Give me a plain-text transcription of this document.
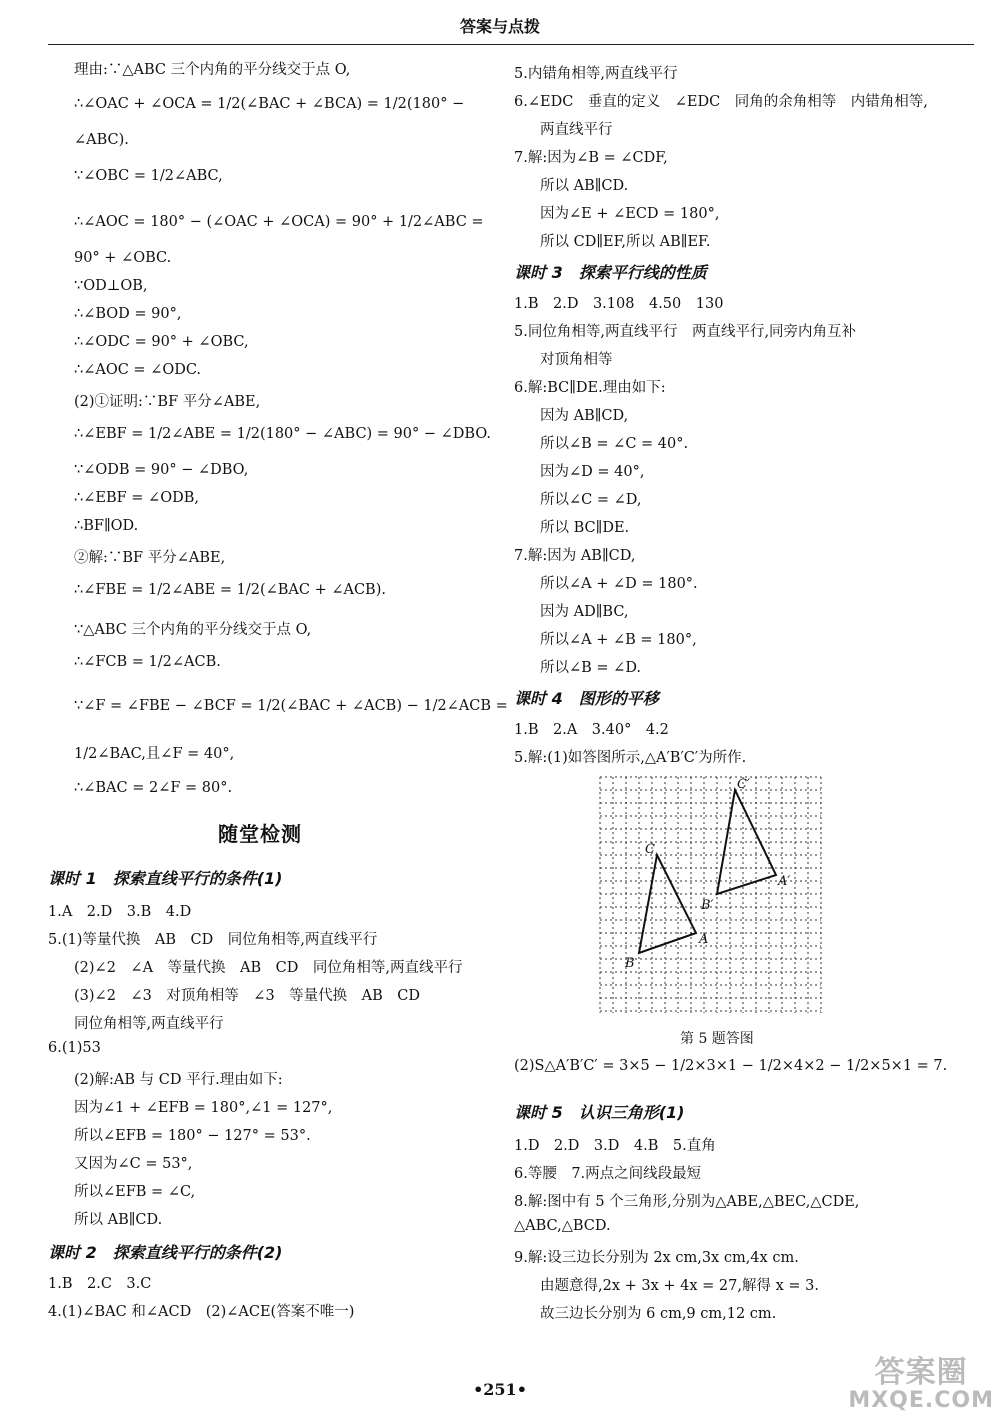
答案与点拨
理由:∵△ABC 三个内角的平分线交于点 O,
∴∠OAC + ∠OCA = 1/2(∠BAC + ∠BCA) = 1/2(180° −
∠ABC).
∵∠OBC = 1/2∠ABC,
∴∠AOC = 180° − (∠OAC + ∠OCA) = 90° + 1/2∠ABC =
90° + ∠OBC.
∵OD⊥OB,
∴∠BOD = 90°,
∴∠ODC = 90° + ∠OBC,
∴∠AOC = ∠ODC.
(2)①证明:∵BF 平分∠ABE,
∴∠EBF = 1/2∠ABE = 1/2(180° − ∠ABC) = 90° − ∠DBO.
∵∠ODB = 90° − ∠DBO,
∴∠EBF = ∠ODB,
∴BF∥OD.
②解:∵BF 平分∠ABE,
∴∠FBE = 1/2∠ABE = 1/2(∠BAC + ∠ACB).
∵△ABC 三个内角的平分线交于点 O,
∴∠FCB = 1/2∠ACB.
∵∠F = ∠FBE − ∠BCF = 1/2(∠BAC + ∠ACB) − 1/2∠ACB =
1/2∠BAC,且∠F = 40°,
∴∠BAC = 2∠F = 80°.
随堂检测
课时 1　探索直线平行的条件(1)
1.A　2.D　3.B　4.D
5.(1)等量代换　AB　CD　同位角相等,两直线平行
(2)∠2　∠A　等量代换　AB　CD　同位角相等,两直线平行
(3)∠2　∠3　对顶角相等　∠3　等量代换　AB　CD
同位角相等,两直线平行
6.(1)53
(2)解:AB 与 CD 平行.理由如下:
因为∠1 + ∠EFB = 180°,∠1 = 127°,
所以∠EFB = 180° − 127° = 53°.
又因为∠C = 53°,
所以∠EFB = ∠C,
所以 AB∥CD.
课时 2　探索直线平行的条件(2)
1.B　2.C　3.C
4.(1)∠BAC 和∠ACD　(2)∠ACE(答案不唯一)
5.内错角相等,两直线平行
6.∠EDC　垂直的定义　∠EDC　同角的余角相等　内错角相等,
两直线平行
7.解:因为∠B = ∠CDF,
所以 AB∥CD.
因为∠E + ∠ECD = 180°,
所以 CD∥EF,所以 AB∥EF.
课时 3　探索平行线的性质
1.B　2.D　3.108　4.50　130
5.同位角相等,两直线平行　两直线平行,同旁内角互补
对顶角相等
6.解:BC∥DE.理由如下:
因为 AB∥CD,
所以∠B = ∠C = 40°.
因为∠D = 40°,
所以∠C = ∠D,
所以 BC∥DE.
7.解:因为 AB∥CD,
所以∠A + ∠D = 180°.
因为 AD∥BC,
所以∠A + ∠B = 180°,
所以∠B = ∠D.
课时 4　图形的平移
1.B　2.A　3.40°　4.2
5.解:(1)如答图所示,△A′B′C′为所作.
(2)S△A′B′C′ = 3×5 − 1/2×3×1 − 1/2×4×2 − 1/2×5×1 = 7.
课时 5　认识三角形(1)
1.D　2.D　3.D　4.B　5.直角
6.等腰　7.两点之间线段最短
8.解:图中有 5 个三角形,分别为△ABE,△BEC,△CDE,
△ABC,△BCD.
9.解:设三边长分别为 2x cm,3x cm,4x cm.
由题意得,2x + 3x + 4x = 27,解得 x = 3.
故三边长分别为 6 cm,9 cm,12 cm.
B
C
A
B′
C′
A′
第 5 题答图
•251•	答案圈
MXQE.COM
